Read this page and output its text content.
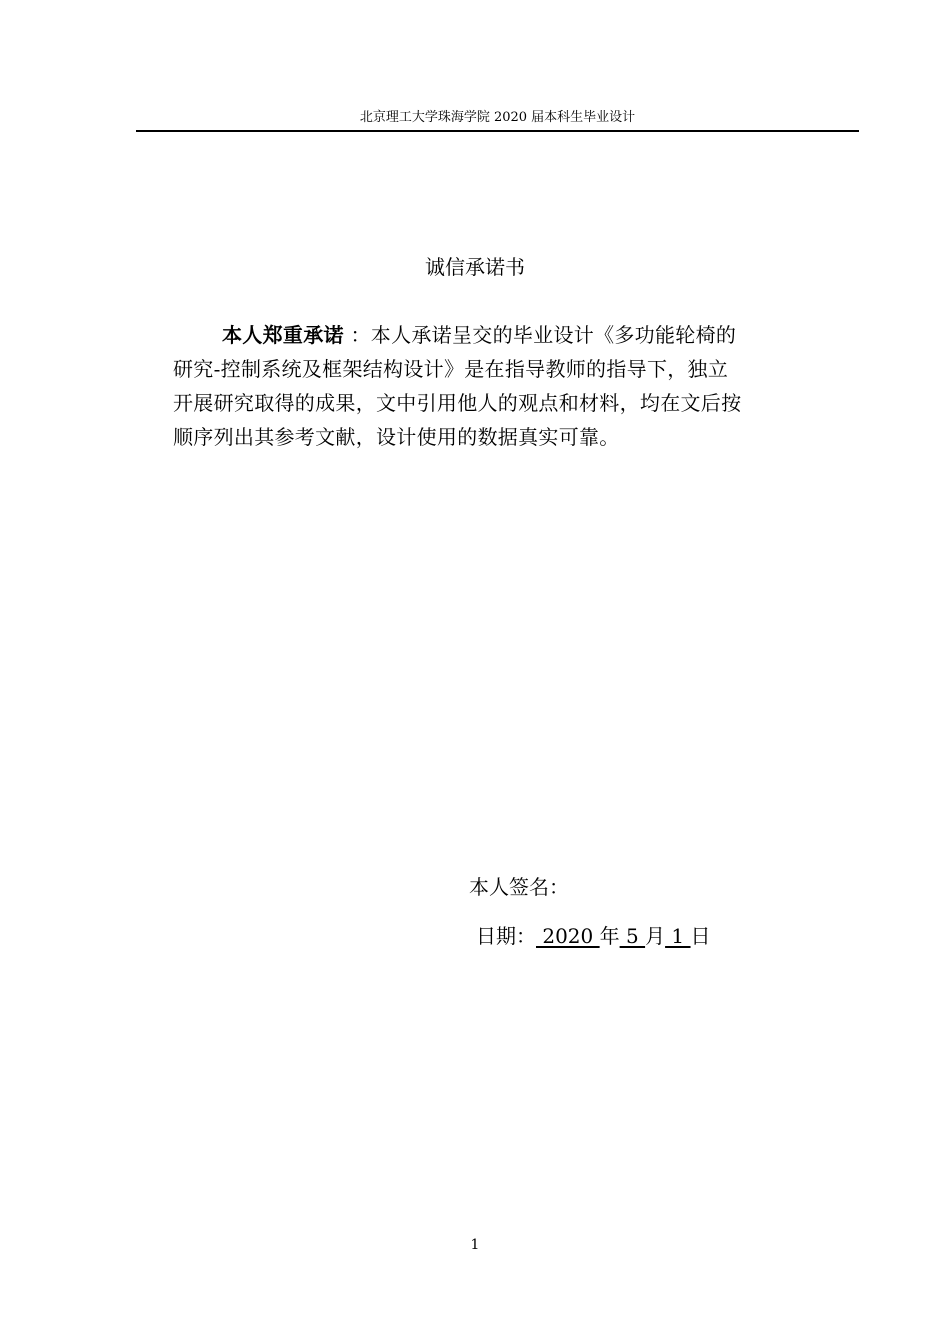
北京理工大学珠海学院 2020 届本科生毕业设计
诚信承诺书
本人郑重承诺 ：本人承诺呈交的毕业设计《多功能轮椅的
研究-控制系统及框架结构设计》是在指导教师的指导下，独立
开展研究取得的成果，文中引用他人的观点和材料，均在文后按
顺序列出其参考文献，设计使用的数据真实可靠。
本人签名：
日期： 2020 年 5 月 1 日
1
